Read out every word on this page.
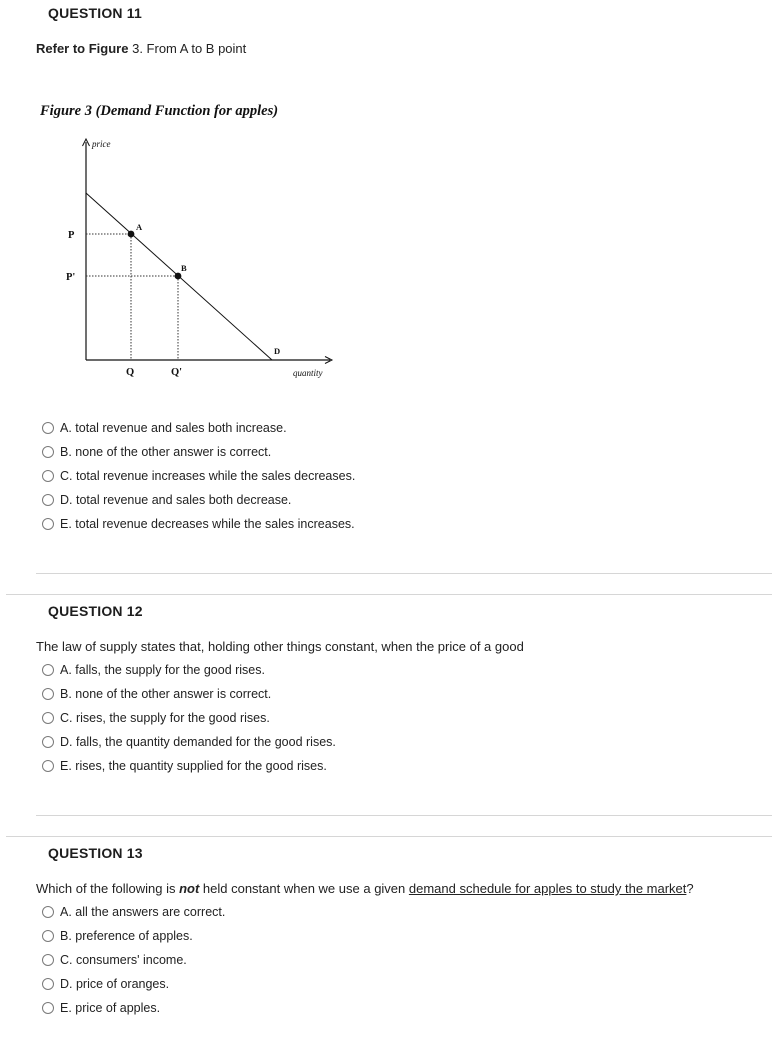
QUESTION 11
Refer to Figure 3. From A to B point
Figure 3 (Demand Function for apples)
price
quantity
P
P'
Q	Q'
A
B
D
A.
total revenue and sales both increase.
B.
none of the other answer is correct.
C.
total revenue increases while the sales decreases.
D.
total revenue and sales both decrease.
E.
total revenue decreases while the sales increases.
QUESTION 12
The law of supply states that, holding other things constant, when the price of a good
A.
falls, the supply for the good rises.
B.
none of the other answer is correct.
C.
rises, the supply for the good rises.
D.
falls, the quantity demanded for the good rises.
E.
rises, the quantity supplied for the good rises.
QUESTION 13
Which of the following is not held constant when we use a given demand schedule for apples to study the market?
A.
all the answers are correct.
B.
preference of apples.
C.
consumers' income.
D.
price of oranges.
E.
price of apples.
